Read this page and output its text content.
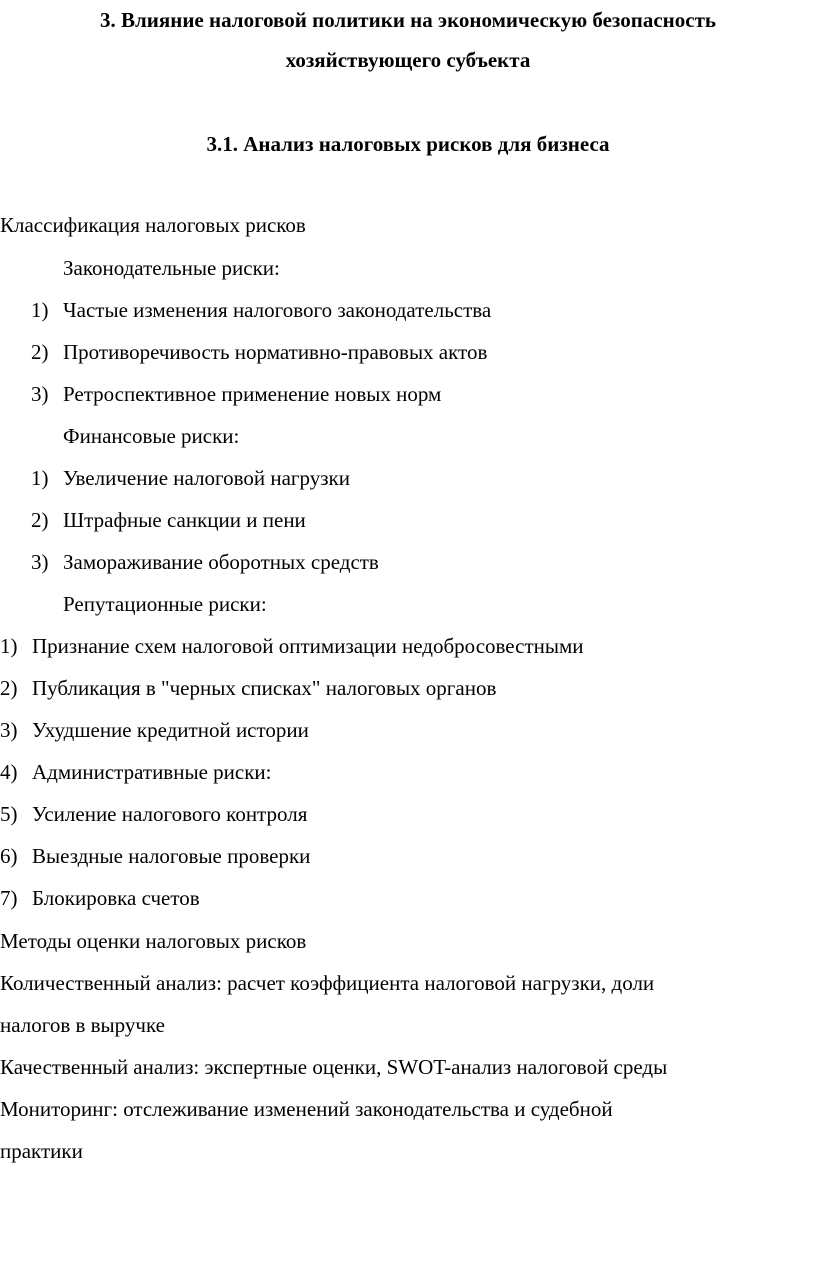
3. Влияние налоговой политики на экономическую безопасность
хозяйствующего субъекта
3.1. Анализ налоговых рисков для бизнеса
Классификация налоговых рисков
Законодательные риски:
1) Частые изменения налогового законодательства
2) Противоречивость нормативно-правовых актов
3) Ретроспективное применение новых норм
Финансовые риски:
1) Увеличение налоговой нагрузки
2) Штрафные санкции и пени
3) Замораживание оборотных средств
Репутационные риски:
1) Признание схем налоговой оптимизации недобросовестными
2) Публикация в "черных списках" налоговых органов
3) Ухудшение кредитной истории
4) Административные риски:
5) Усиление налогового контроля
6) Выездные налоговые проверки
7) Блокировка счетов
Методы оценки налоговых рисков
Количественный анализ: расчет коэффициента налоговой нагрузки, доли
налогов в выручке
Качественный анализ: экспертные оценки, SWOT-анализ налоговой среды
Мониторинг: отслеживание изменений законодательства и судебной
практики
